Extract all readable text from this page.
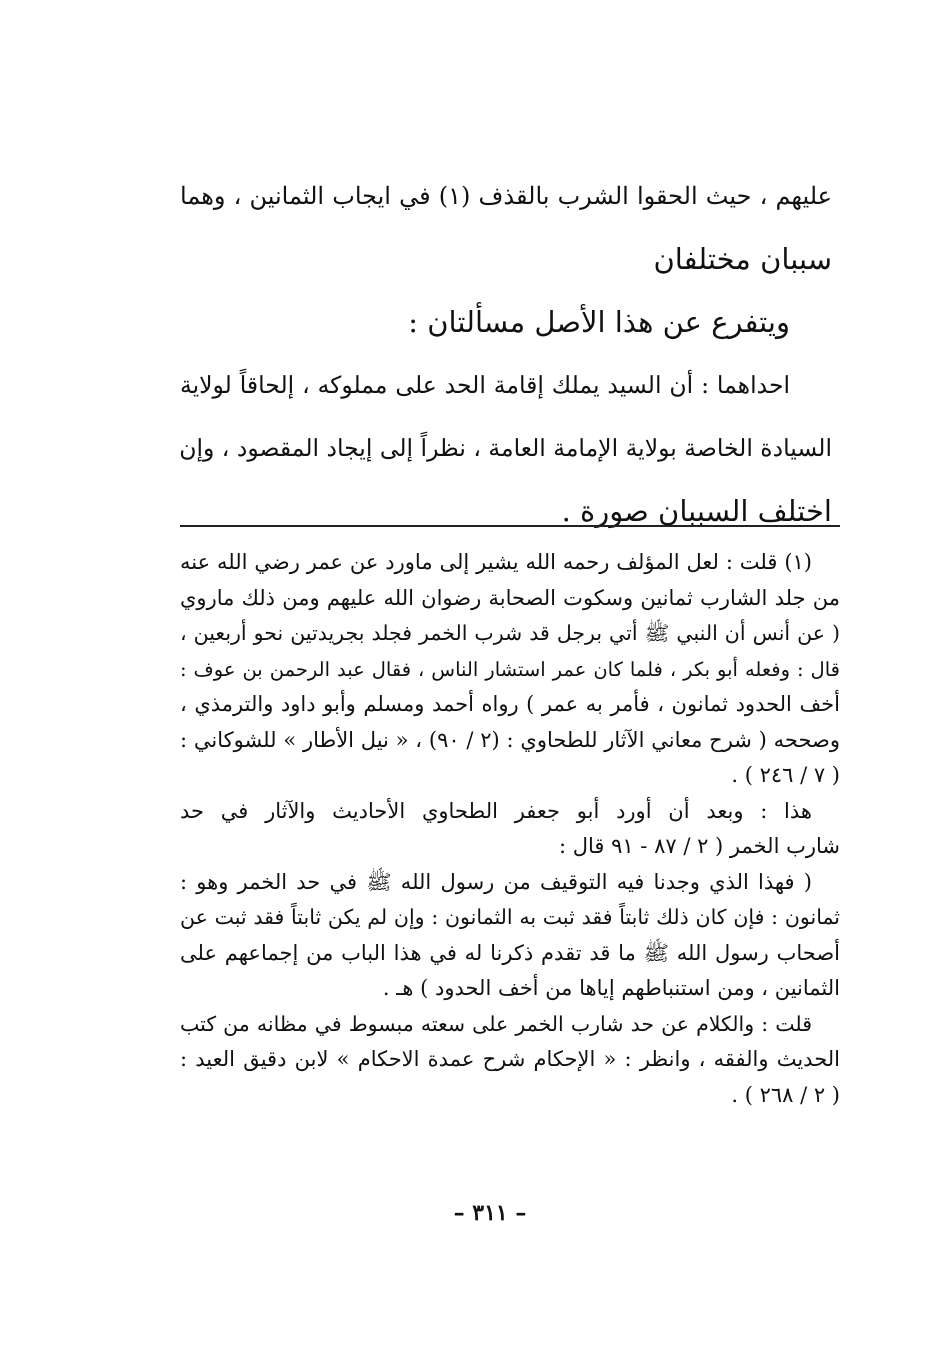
عليهم ، حيث الحقوا الشرب بالقذف (١) في ايجاب الثمانين ، وهما
سببان مختلفان
ويتفرع عن هذا الأصل مسألتان :
احداهما : أن السيد يملك إقامة الحد على مملوكه ، إلحاقاً لولاية
السيادة الخاصة بولاية الإمامة العامة ، نظراً إلى إيجاد المقصود ، وإن
اختلف السببان صورة .
(١) قلت : لعل المؤلف رحمه الله يشير إلى ماورد عن عمر رضي الله عنه
من جلد الشارب ثمانين وسكوت الصحابة رضوان الله عليهم ومن ذلك ماروي
( عن أنس أن النبي ﷺ أتي برجل قد شرب الخمر فجلد بجريدتين نحو أربعين ،
قال : وفعله أبو بكر ، فلما كان عمر استشار الناس ، فقال عبد الرحمن بن عوف :
أخف الحدود ثمانون ، فأمر به عمر ) رواه أحمد ومسلم وأبو داود والترمذي ،
وصححه ( شرح معاني الآثار للطحاوي : (٢ / ٩٠) ، « نيل الأطار » للشوكاني :
( ٧ / ٢٤٦ ) .
هذا : وبعد أن أورد أبو جعفر الطحاوي الأحاديث والآثار في حد
شارب الخمر ( ٢ / ٨٧ - ٩١ قال :
( فهذا الذي وجدنا فيه التوقيف من رسول الله ﷺ في حد الخمر وهو :
ثمانون : فإن كان ذلك ثابتاً فقد ثبت به الثمانون : وإن لم يكن ثابتاً فقد ثبت عن
أصحاب رسول الله ﷺ ما قد تقدم ذكرنا له في هذا الباب من إجماعهم على
الثمانين ، ومن استنباطهم إياها من أخف الحدود ) هـ .
قلت : والكلام عن حد شارب الخمر على سعته مبسوط في مظانه من كتب
الحديث والفقه ، وانظر : « الإحكام شرح عمدة الاحكام » لابن دقيق العيد :
( ٢ / ٢٦٨ ) .
– ٣١١ –
